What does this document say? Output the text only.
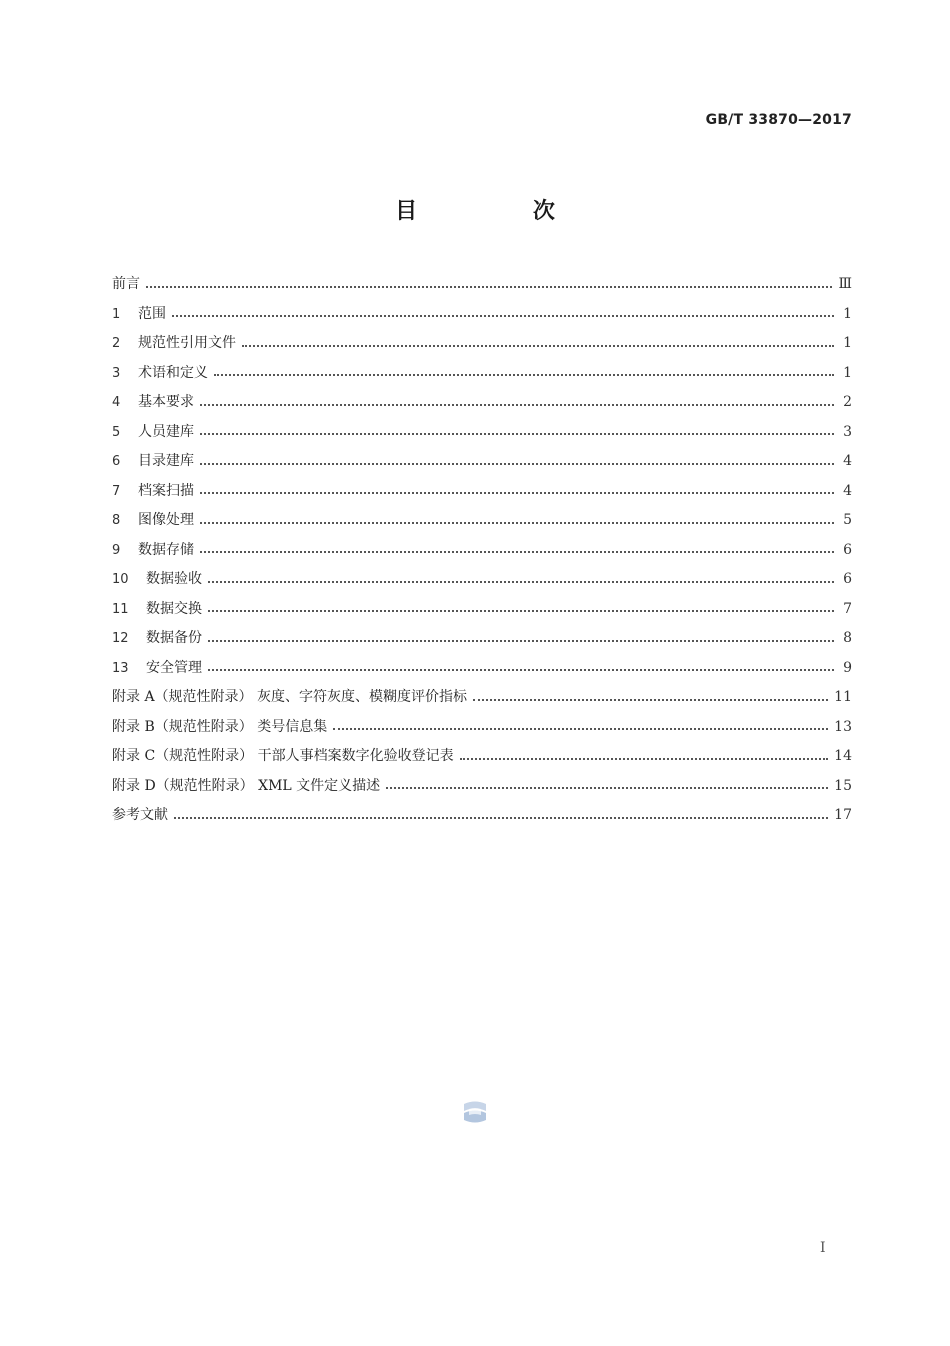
GB/T 33870—2017
目 次
前言	Ⅲ
1	范围	1
2	规范性引用文件	1
3	术语和定义	1
4	基本要求	2
5	人员建库	3
6	目录建库	4
7	档案扫描	4
8	图像处理	5
9	数据存储	6
10	数据验收	6
11	数据交换	7
12	数据备份	8
13	安全管理	9
附录 A（规范性附录） 灰度、字符灰度、模糊度评价指标	11
附录 B（规范性附录） 类号信息集	13
附录 C（规范性附录） 干部人事档案数字化验收登记表	14
附录 D（规范性附录） XML 文件定义描述	15
参考文献	17
I
